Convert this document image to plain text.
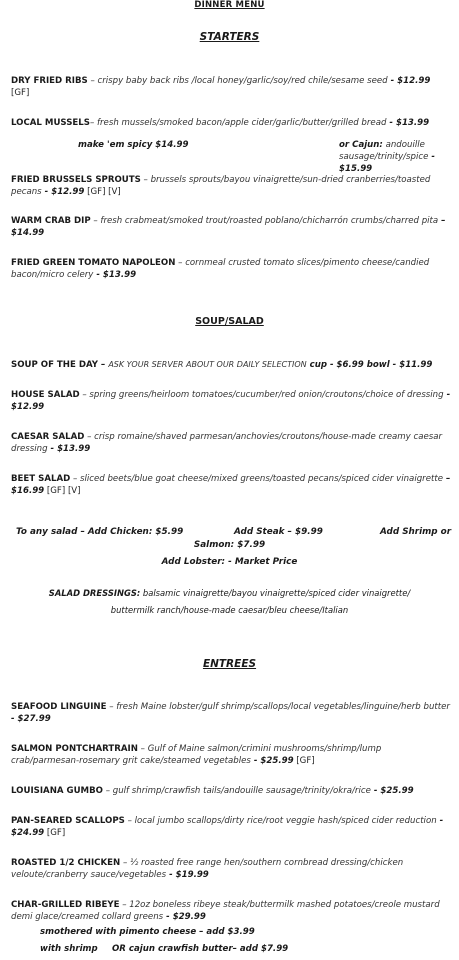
DINNER MENU
STARTERS
DRY FRIED RIBS – crispy baby back ribs /local honey/garlic/soy/red chile/sesame seed - $12.99 [GF]
LOCAL MUSSELS– fresh mussels/smoked bacon/apple cider/garlic/butter/grilled bread - $13.99
make 'em spicy $14.99	or Cajun: andouille sausage/trinity/spice - $15.99
FRIED BRUSSELS SPROUTS – brussels sprouts/bayou vinaigrette/sun-dried cranberries/toasted pecans - $12.99 [GF] [V]
WARM CRAB DIP – fresh crabmeat/smoked trout/roasted poblano/chicharrón crumbs/charred pita – $14.99
FRIED GREEN TOMATO NAPOLEON – cornmeal crusted tomato slices/pimento cheese/candied bacon/micro celery - $13.99
SOUP/SALAD
SOUP OF THE DAY – ASK YOUR SERVER ABOUT OUR DAILY SELECTION cup - $6.99 bowl - $11.99
HOUSE SALAD – spring greens/heirloom tomatoes/cucumber/red onion/croutons/choice of dressing - $12.99
CAESAR SALAD – crisp romaine/shaved parmesan/anchovies/croutons/house-made creamy caesar dressing - $13.99
BEET SALAD – sliced beets/blue goat cheese/mixed greens/toasted pecans/spiced cider vinaigrette – $16.99 [GF] [V]
To any salad – Add Chicken: $5.99	Add Steak – $9.99	Add Shrimp or
Salmon: $7.99
Add Lobster: - Market Price
SALAD DRESSINGS: balsamic vinaigrette/bayou vinaigrette/spiced cider vinaigrette/
buttermilk ranch/house-made caesar/bleu cheese/Italian
ENTREES
SEAFOOD LINGUINE – fresh Maine lobster/gulf shrimp/scallops/local vegetables/linguine/herb butter - $27.99
SALMON PONTCHARTRAIN – Gulf of Maine salmon/crimini mushrooms/shrimp/lump crab/parmesan-rosemary grit cake/steamed vegetables - $25.99 [GF]
LOUISIANA GUMBO – gulf shrimp/crawfish tails/andouille sausage/trinity/okra/rice - $25.99
PAN-SEARED SCALLOPS – local jumbo scallops/dirty rice/root veggie hash/spiced cider reduction - $24.99 [GF]
ROASTED 1/2 CHICKEN – ½ roasted free range hen/southern cornbread dressing/chicken veloute/cranberry sauce/vegetables - $19.99
CHAR-GRILLED RIBEYE – 12oz boneless ribeye steak/buttermilk mashed potatoes/creole mustard demi glace/creamed collard greens - $29.99
smothered with pimento cheese – add $3.99
with shrimp OR cajun crawfish butter– add $7.99
